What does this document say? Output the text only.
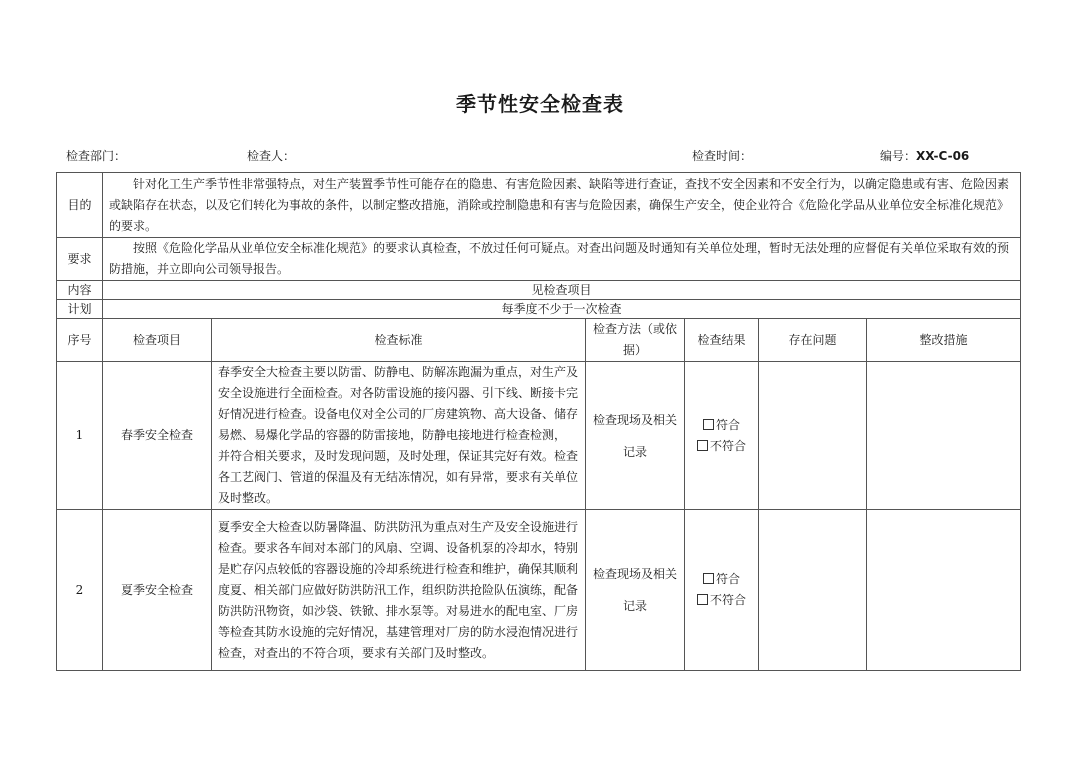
季节性安全检查表
检查部门：	检查人：	检查时间：	编号：XX-C-06
目的	针对化工生产季节性非常强特点，对生产装置季节性可能存在的隐患、有害危险因素、缺陷等进行查证，查找不安全因素和不安全行为，以确定隐患或有害、危险因素或缺陷存在状态，以及它们转化为事故的条件，以制定整改措施，消除或控制隐患和有害与危险因素，确保生产安全，使企业符合《危险化学品从业单位安全标准化规范》的要求。					
要求	按照《危险化学品从业单位安全标准化规范》的要求认真检查，不放过任何可疑点。对查出问题及时通知有关单位处理，暂时无法处理的应督促有关单位采取有效的预防措施，并立即向公司领导报告。					
内容	见检查项目					
计划	每季度不少于一次检查					
序号	检查项目	检查标准	检查方法（或依据）	检查结果	存在问题	整改措施
1	春季安全检查	春季安全大检查主要以防雷、防静电、防解冻跑漏为重点，对生产及安全设施进行全面检查。对各防雷设施的接闪器、引下线、断接卡完好情况进行检查。设备电仪对全公司的厂房建筑物、高大设备、储存易燃、易爆化学品的容器的防雷接地，防静电接地进行检查检测， 并符合相关要求，及时发现问题，及时处理，保证其完好有效。检查各工艺阀门、管道的保温及有无结冻情况，如有异常，要求有关单位及时整改。	检查现场及相关记录	符合
不符合		

2	夏季安全检查	夏季安全大检查以防暑降温、防洪防汛为重点对生产及安全设施进行检查。要求各车间对本部门的风扇、空调、设备机泵的冷却水，特别是贮存闪点较低的容器设施的冷却系统进行检查和维护，确保其顺利度夏、相关部门应做好防洪防汛工作，组织防洪抢险队伍演练，配备防洪防汛物资，如沙袋、铁锨、排水泵等。对易进水的配电室、厂房等检查其防水设施的完好情况，基建管理对厂房的防水浸泡情况进行检查，对查出的不符合项，要求有关部门及时整改。	检查现场及相关记录	符合
不符合		
